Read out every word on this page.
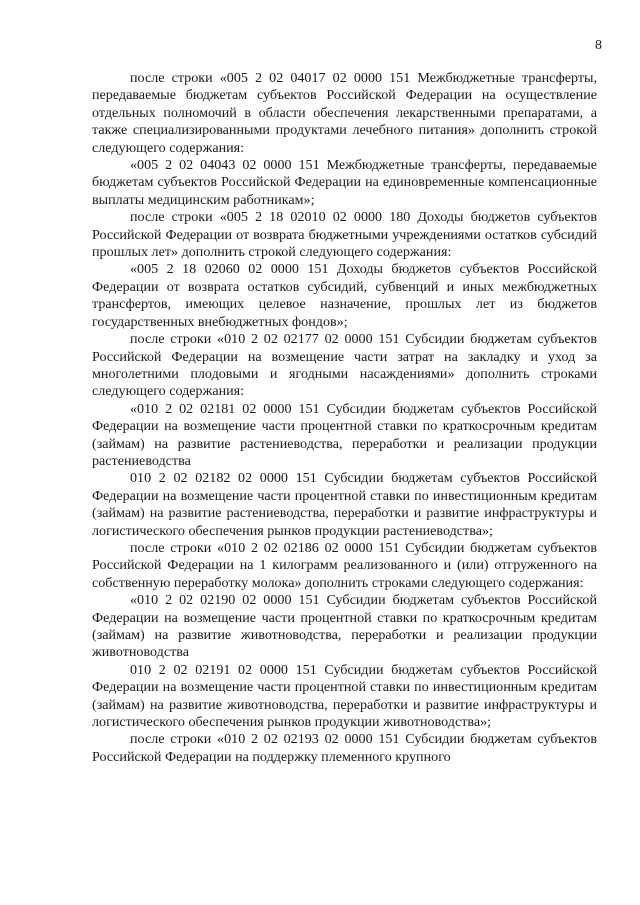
8

после строки «005 2 02 04017 02 0000 151 Межбюджетные трансферты, передаваемые бюджетам субъектов Российской Федерации на осуществление отдельных полномочий в области обеспечения лекарственными препаратами, а также специализированными продуктами лечебного питания» дополнить строкой следующего содержания:

«005 2 02 04043 02 0000 151 Межбюджетные трансферты, передаваемые бюджетам субъектов Российской Федерации на единовременные компенсационные выплаты медицинским работникам»;

после строки «005 2 18 02010 02 0000 180 Доходы бюджетов субъектов Российской Федерации от возврата бюджетными учреждениями остатков субсидий прошлых лет» дополнить строкой следующего содержания:

«005 2 18 02060 02 0000 151 Доходы бюджетов субъектов Российской Федерации от возврата остатков субсидий, субвенций и иных межбюджетных трансфертов, имеющих целевое назначение, прошлых лет из бюджетов государственных внебюджетных фондов»;

после строки «010 2 02 02177 02 0000 151 Субсидии бюджетам субъектов Российской Федерации на возмещение части затрат на закладку и уход за многолетними плодовыми и ягодными насаждениями» дополнить строками следующего содержания:

«010 2 02 02181 02 0000 151 Субсидии бюджетам субъектов Российской Федерации на возмещение части процентной ставки по краткосрочным кредитам (займам) на развитие растениеводства, переработки и реализации продукции растениеводства

010 2 02 02182 02 0000 151 Субсидии бюджетам субъектов Российской Федерации на возмещение части процентной ставки по инвестиционным кредитам (займам) на развитие растениеводства, переработки и развитие инфраструктуры и логистического обеспечения рынков продукции растениеводства»;

после строки «010 2 02 02186 02 0000 151 Субсидии бюджетам субъектов Российской Федерации на 1 килограмм реализованного и (или) отгруженного на собственную переработку молока» дополнить строками следующего содержания:

«010 2 02 02190 02 0000 151 Субсидии бюджетам субъектов Российской Федерации на возмещение части процентной ставки по краткосрочным кредитам (займам) на развитие животноводства, переработки и реализации продукции животноводства

010 2 02 02191 02 0000 151 Субсидии бюджетам субъектов Российской Федерации на возмещение части процентной ставки по инвестиционным кредитам (займам) на развитие животноводства, переработки и развитие инфраструктуры и логистического обеспечения рынков продукции животноводства»;

после строки «010 2 02 02193 02 0000 151 Субсидии бюджетам субъектов Российской Федерации на поддержку племенного крупного
